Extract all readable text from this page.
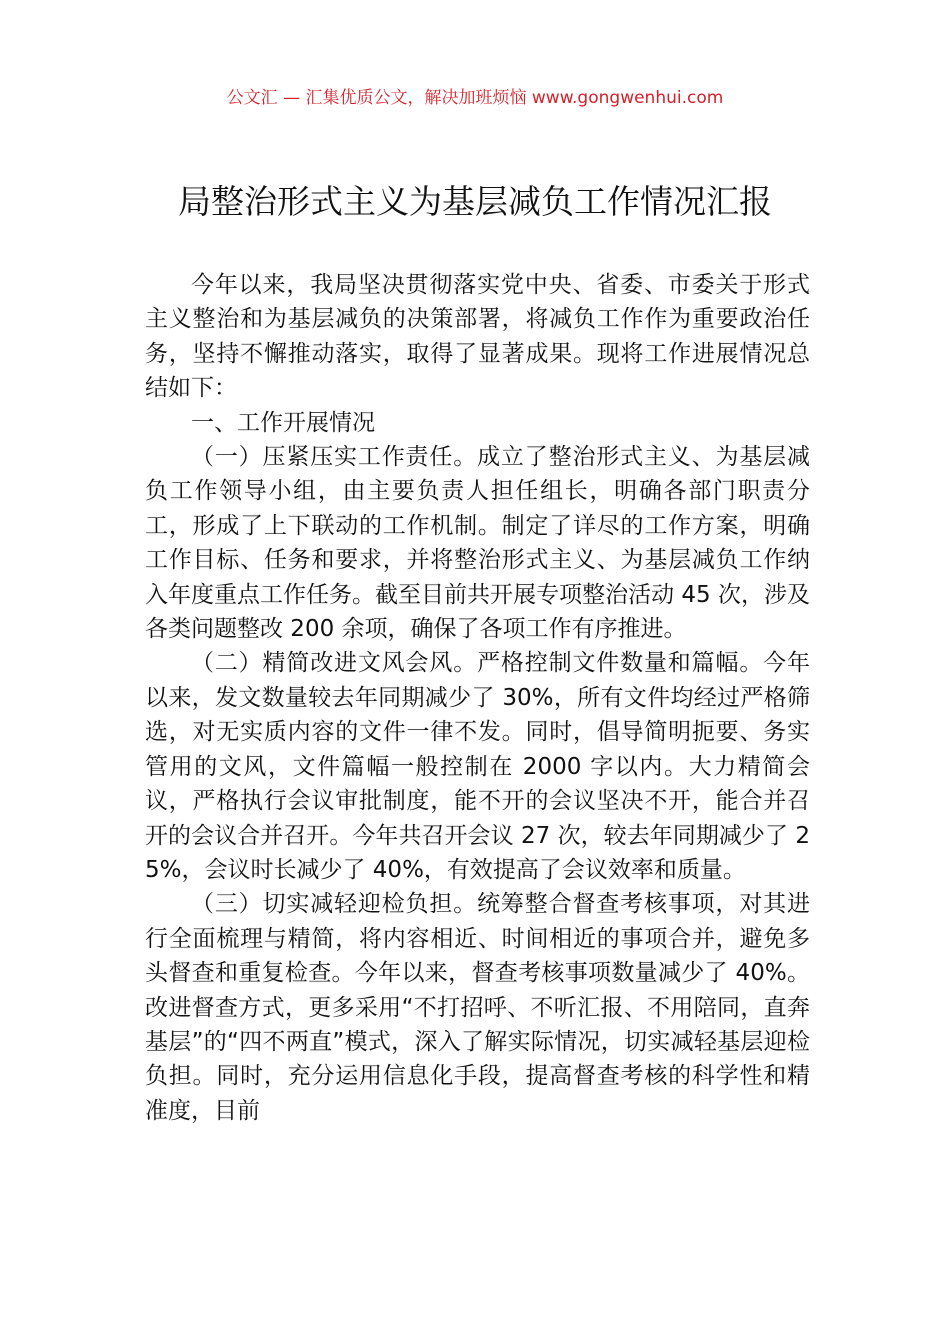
公文汇 — 汇集优质公文，解决加班烦恼 www.gongwenhui.com
局整治形式主义为基层减负工作情况汇报

今年以来，我局坚决贯彻落实党中央、省委、市委关于形式主义整治和为基层减负的决策部署，将减负工作作为重要政治任务，坚持不懈推动落实，取得了显著成果。现将工作进展情况总结如下：

一、工作开展情况

（一）压紧压实工作责任。成立了整治形式主义、为基层减负工作领导小组，由主要负责人担任组长，明确各部门职责分工，形成了上下联动的工作机制。制定了详尽的工作方案，明确工作目标、任务和要求，并将整治形式主义、为基层减负工作纳入年度重点工作任务。截至目前共开展专项整治活动 45 次，涉及各类问题整改 200 余项，确保了各项工作有序推进。

（二）精简改进文风会风。严格控制文件数量和篇幅。今年以来，发文数量较去年同期减少了 30%，所有文件均经过严格筛选，对无实质内容的文件一律不发。同时，倡导简明扼要、务实管用的文风，文件篇幅一般控制在 2000 字以内。大力精简会议，严格执行会议审批制度，能不开的会议坚决不开，能合并召开的会议合并召开。今年共召开会议 27 次，较去年同期减少了 25%，会议时长减少了 40%，有效提高了会议效率和质量。

（三）切实减轻迎检负担。统筹整合督查考核事项，对其进行全面梳理与精简，将内容相近、时间相近的事项合并，避免多头督查和重复检查。今年以来，督查考核事项数量减少了 40%。改进督查方式，更多采用“不打招呼、不听汇报、不用陪同，直奔基层”的“四不两直”模式，深入了解实际情况，切实减轻基层迎检负担。同时，充分运用信息化手段，提高督查考核的科学性和精准度，目前
